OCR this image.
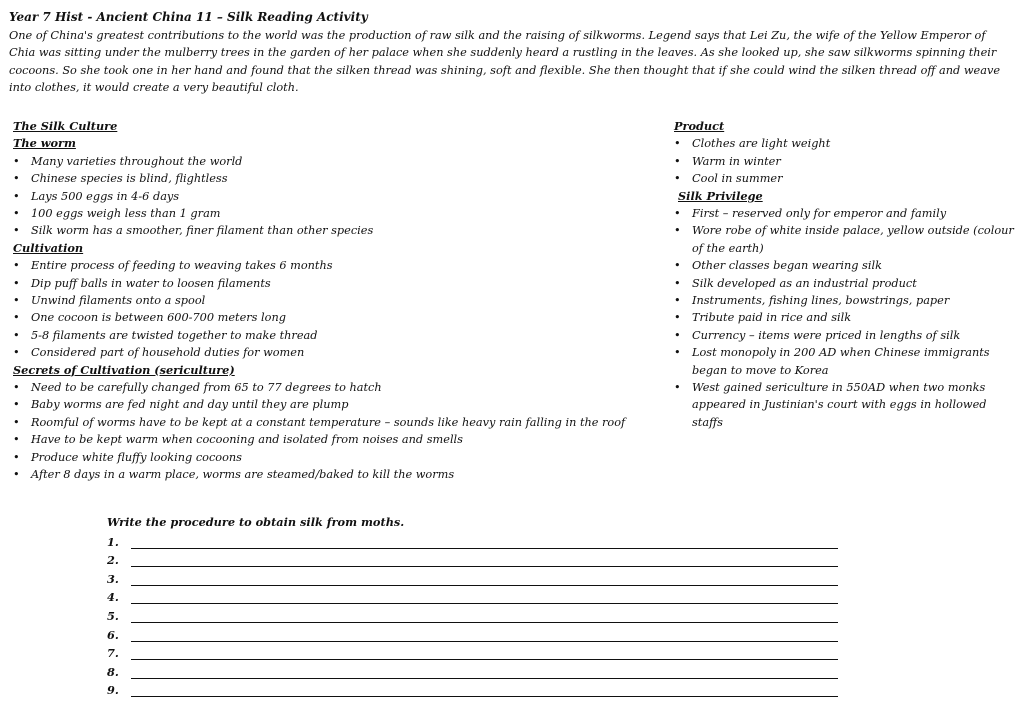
Year 7 Hist - Ancient China 11 – Silk Reading Activity
One of China's greatest contributions to the world was the production of raw silk and the raising of silkworms. Legend says that Lei Zu, the wife of the Yellow Emperor of Chia was sitting under the mulberry trees in the garden of her palace when she suddenly heard a rustling in the leaves. As she looked up, she saw silkworms spinning their cocoons. So she took one in her hand and found that the silken thread was shining, soft and flexible. She then thought that if she could wind the silken thread off and weave into clothes, it would create a very beautiful cloth.
The Silk Culture
The worm
• Many varieties throughout the world
• Chinese species is blind, flightless
• Lays 500 eggs in 4-6 days
• 100 eggs weigh less than 1 gram
• Silk worm has a smoother, finer filament than other species
Cultivation
• Entire process of feeding to weaving takes 6 months
• Dip puff balls in water to loosen filaments
• Unwind filaments onto a spool
• One cocoon is between 600-700 meters long
• 5-8 filaments are twisted together to make thread
• Considered part of household duties for women
Secrets of Cultivation (sericulture)
• Need to be carefully changed from 65 to 77 degrees to hatch
• Baby worms are fed night and day until they are plump
• Roomful of worms have to be kept at a constant temperature – sounds like heavy rain falling in the roof
• Have to be kept warm when cocooning and isolated from noises and smells
• Produce white fluffy looking cocoons
• After 8 days in a warm place, worms are steamed/baked to kill the worms
Product
• Clothes are light weight
• Warm in winter
• Cool in summer
Silk Privilege
• First – reserved only for emperor and family
• Wore robe of white inside palace, yellow outside (colour of the earth)
• Other classes began wearing silk
• Silk developed as an industrial product
• Instruments, fishing lines, bowstrings, paper
• Tribute paid in rice and silk
• Currency – items were priced in lengths of silk
• Lost monopoly in 200 AD when Chinese immigrants began to move to Korea
• West gained sericulture in 550AD when two monks appeared in Justinian's court with eggs in hollowed staffs
Write the procedure to obtain silk from moths.
1.
2.
3.
4.
5.
6.
7.
8.
9.
